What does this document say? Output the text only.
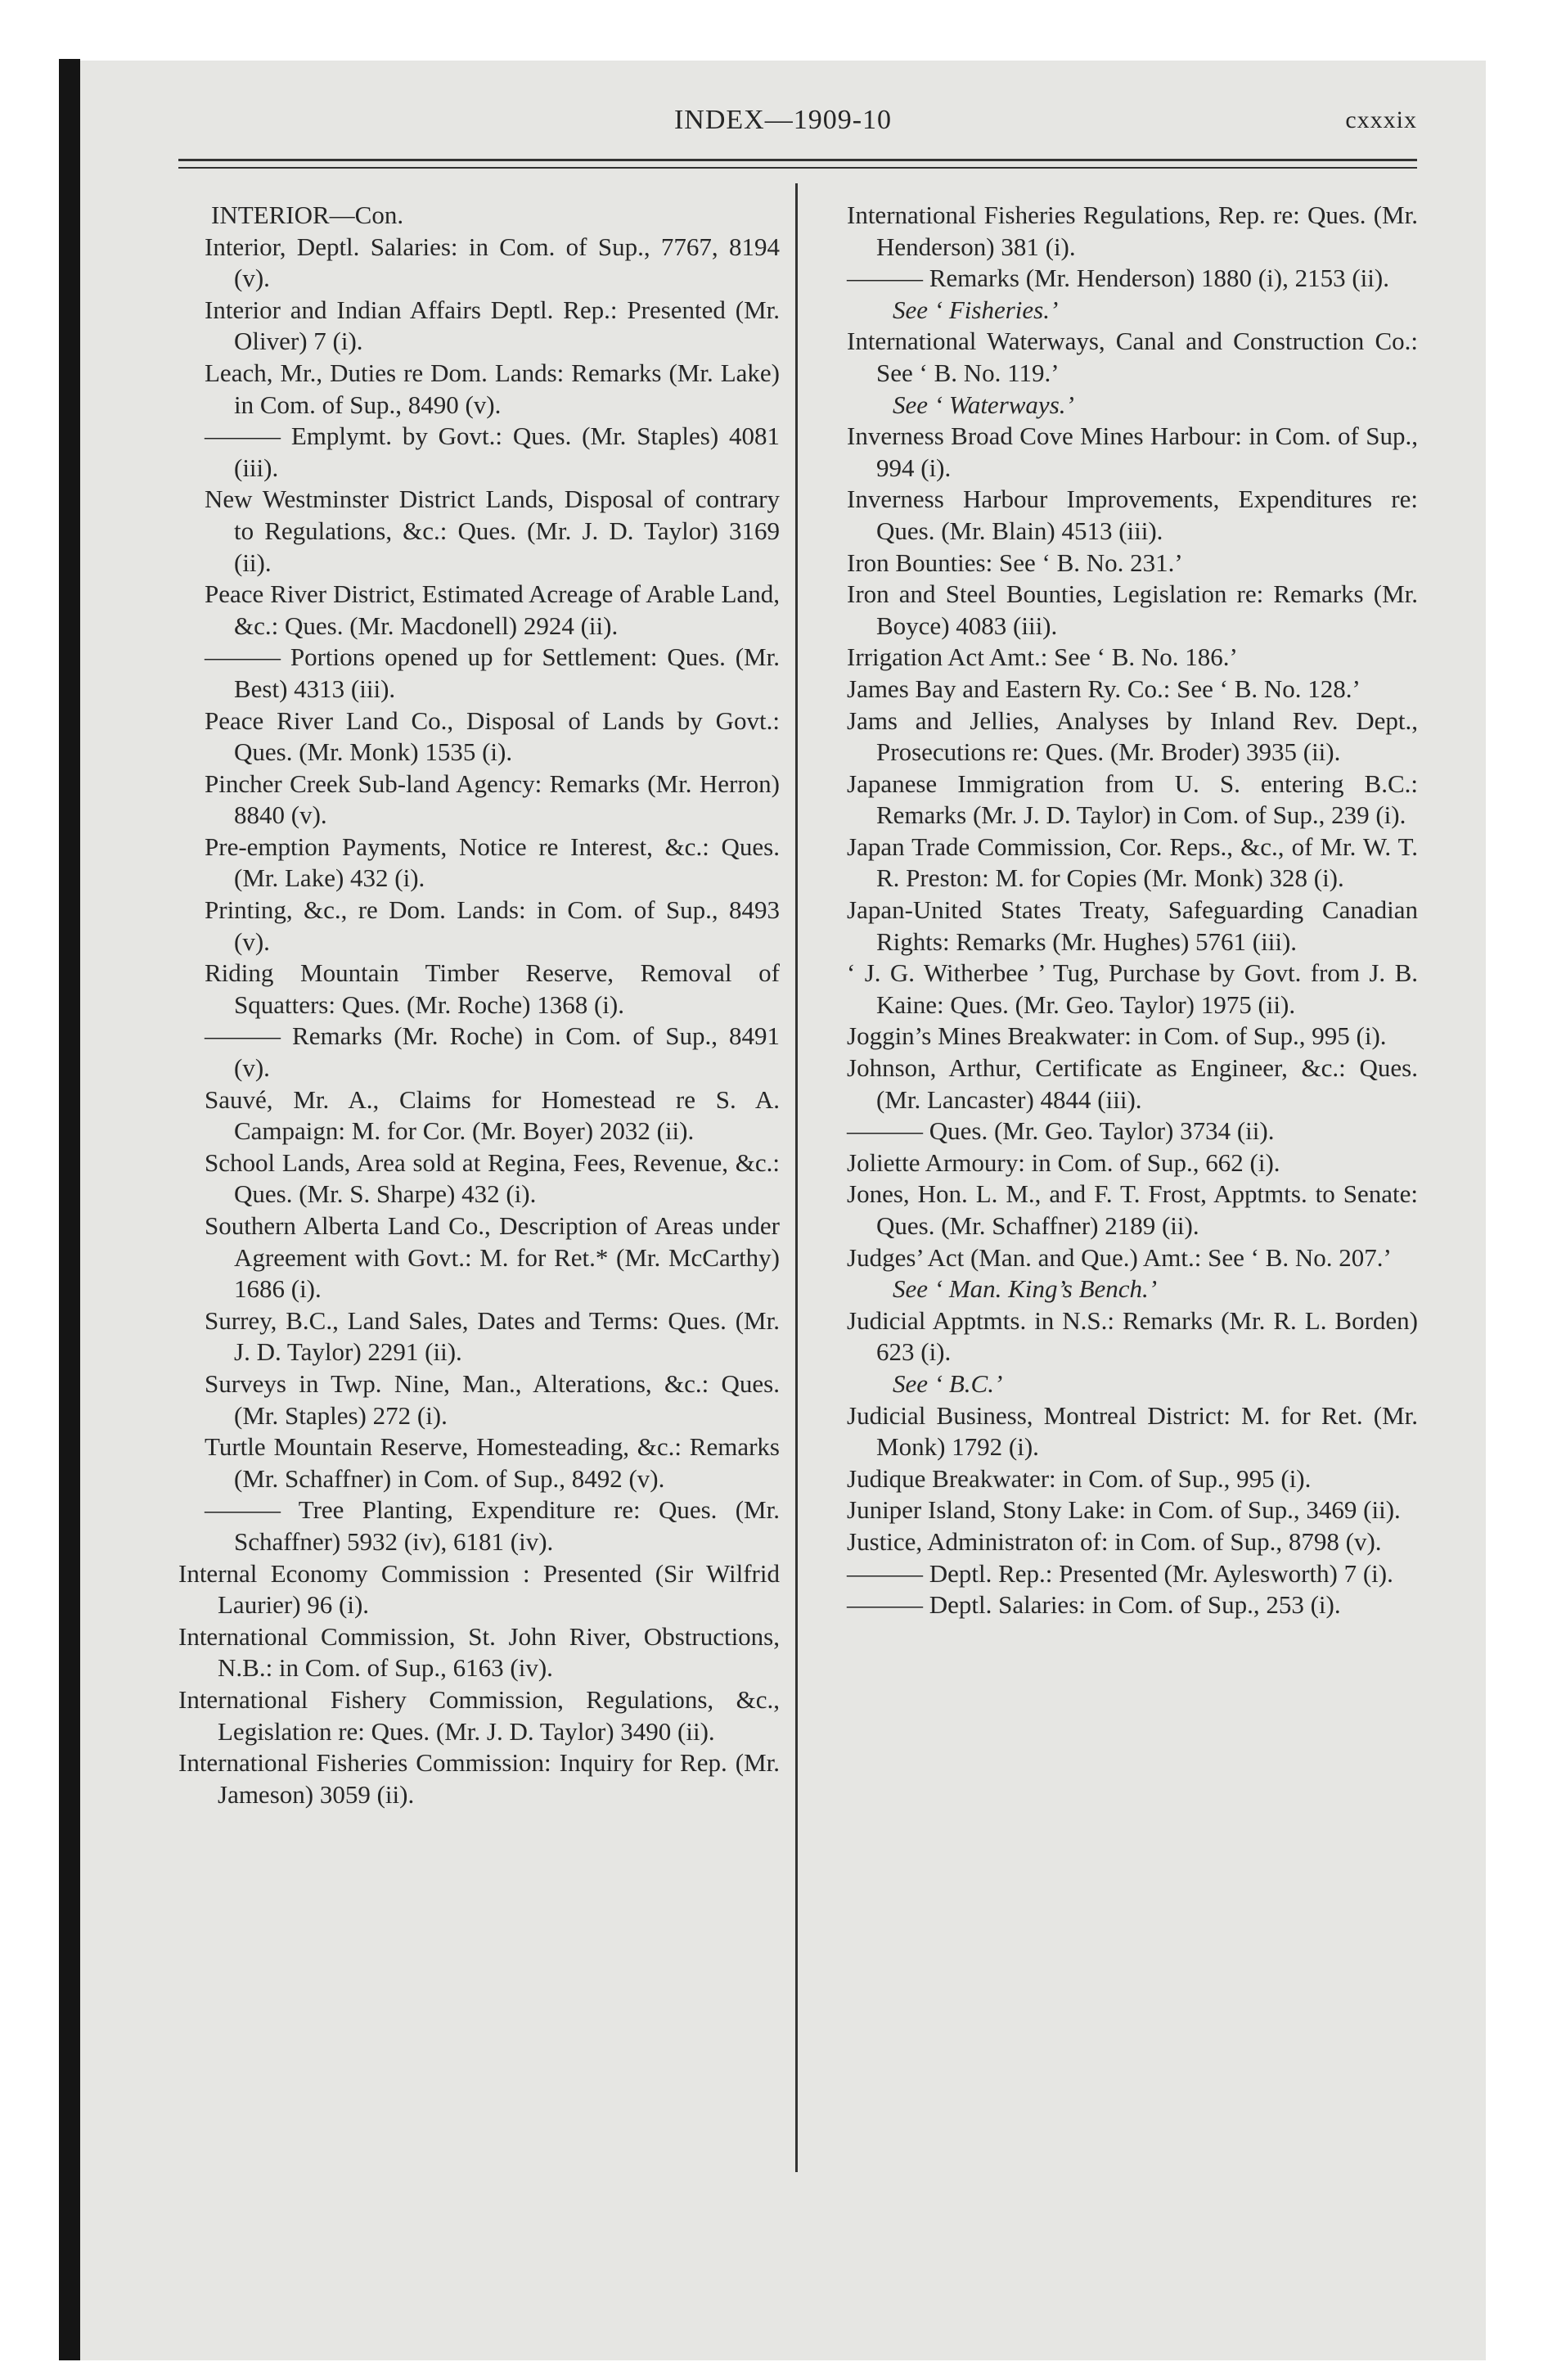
INDEX—1909-10	cxxxix

INTERIOR—Con.

Interior, Deptl. Salaries: in Com. of Sup., 7767, 8194 (v).

Interior and Indian Affairs Deptl. Rep.: Presented (Mr. Oliver) 7 (i).

Leach, Mr., Duties re Dom. Lands: Remarks (Mr. Lake) in Com. of Sup., 8490 (v).

——— Emplymt. by Govt.: Ques. (Mr. Staples) 4081 (iii).

New Westminster District Lands, Disposal of contrary to Regulations, &c.: Ques. (Mr. J. D. Taylor) 3169 (ii).

Peace River District, Estimated Acreage of Arable Land, &c.: Ques. (Mr. Macdonell) 2924 (ii).

——— Portions opened up for Settlement: Ques. (Mr. Best) 4313 (iii).

Peace River Land Co., Disposal of Lands by Govt.: Ques. (Mr. Monk) 1535 (i).

Pincher Creek Sub-land Agency: Remarks (Mr. Herron) 8840 (v).

Pre-emption Payments, Notice re Interest, &c.: Ques. (Mr. Lake) 432 (i).

Printing, &c., re Dom. Lands: in Com. of Sup., 8493 (v).

Riding Mountain Timber Reserve, Removal of Squatters: Ques. (Mr. Roche) 1368 (i).

——— Remarks (Mr. Roche) in Com. of Sup., 8491 (v).

Sauvé, Mr. A., Claims for Homestead re S. A. Campaign: M. for Cor. (Mr. Boyer) 2032 (ii).

School Lands, Area sold at Regina, Fees, Revenue, &c.: Ques. (Mr. S. Sharpe) 432 (i).

Southern Alberta Land Co., Description of Areas under Agreement with Govt.: M. for Ret.* (Mr. McCarthy) 1686 (i).

Surrey, B.C., Land Sales, Dates and Terms: Ques. (Mr. J. D. Taylor) 2291 (ii).

Surveys in Twp. Nine, Man., Alterations, &c.: Ques. (Mr. Staples) 272 (i).

Turtle Mountain Reserve, Homesteading, &c.: Remarks (Mr. Schaffner) in Com. of Sup., 8492 (v).

——— Tree Planting, Expenditure re: Ques. (Mr. Schaffner) 5932 (iv), 6181 (iv).

Internal Economy Commission : Presented (Sir Wilfrid Laurier) 96 (i).

International Commission, St. John River, Obstructions, N.B.: in Com. of Sup., 6163 (iv).

International Fishery Commission, Regulations, &c., Legislation re: Ques. (Mr. J. D. Taylor) 3490 (ii).

International Fisheries Commission: Inquiry for Rep. (Mr. Jameson) 3059 (ii).

International Fisheries Regulations, Rep. re: Ques. (Mr. Henderson) 381 (i).

——— Remarks (Mr. Henderson) 1880 (i), 2153 (ii).

See ‘ Fisheries.’

International Waterways, Canal and Construction Co.: See ‘ B. No. 119.’

See ‘ Waterways.’

Inverness Broad Cove Mines Harbour: in Com. of Sup., 994 (i).

Inverness Harbour Improvements, Expenditures re: Ques. (Mr. Blain) 4513 (iii).

Iron Bounties: See ‘ B. No. 231.’

Iron and Steel Bounties, Legislation re: Remarks (Mr. Boyce) 4083 (iii).

Irrigation Act Amt.: See ‘ B. No. 186.’

James Bay and Eastern Ry. Co.: See ‘ B. No. 128.’

Jams and Jellies, Analyses by Inland Rev. Dept., Prosecutions re: Ques. (Mr. Broder) 3935 (ii).

Japanese Immigration from U. S. entering B.C.: Remarks (Mr. J. D. Taylor) in Com. of Sup., 239 (i).

Japan Trade Commission, Cor. Reps., &c., of Mr. W. T. R. Preston: M. for Copies (Mr. Monk) 328 (i).

Japan-United States Treaty, Safeguarding Canadian Rights: Remarks (Mr. Hughes) 5761 (iii).

‘ J. G. Witherbee ’ Tug, Purchase by Govt. from J. B. Kaine: Ques. (Mr. Geo. Taylor) 1975 (ii).

Joggin’s Mines Breakwater: in Com. of Sup., 995 (i).

Johnson, Arthur, Certificate as Engineer, &c.: Ques. (Mr. Lancaster) 4844 (iii).

——— Ques. (Mr. Geo. Taylor) 3734 (ii).

Joliette Armoury: in Com. of Sup., 662 (i).

Jones, Hon. L. M., and F. T. Frost, Apptmts. to Senate: Ques. (Mr. Schaffner) 2189 (ii).

Judges’ Act (Man. and Que.) Amt.: See ‘ B. No. 207.’

See ‘ Man. King’s Bench.’

Judicial Apptmts. in N.S.: Remarks (Mr. R. L. Borden) 623 (i).

See ‘ B.C.’

Judicial Business, Montreal District: M. for Ret. (Mr. Monk) 1792 (i).

Judique Breakwater: in Com. of Sup., 995 (i).

Juniper Island, Stony Lake: in Com. of Sup., 3469 (ii).

Justice, Administraton of: in Com. of Sup., 8798 (v).

——— Deptl. Rep.: Presented (Mr. Aylesworth) 7 (i).

——— Deptl. Salaries: in Com. of Sup., 253 (i).
